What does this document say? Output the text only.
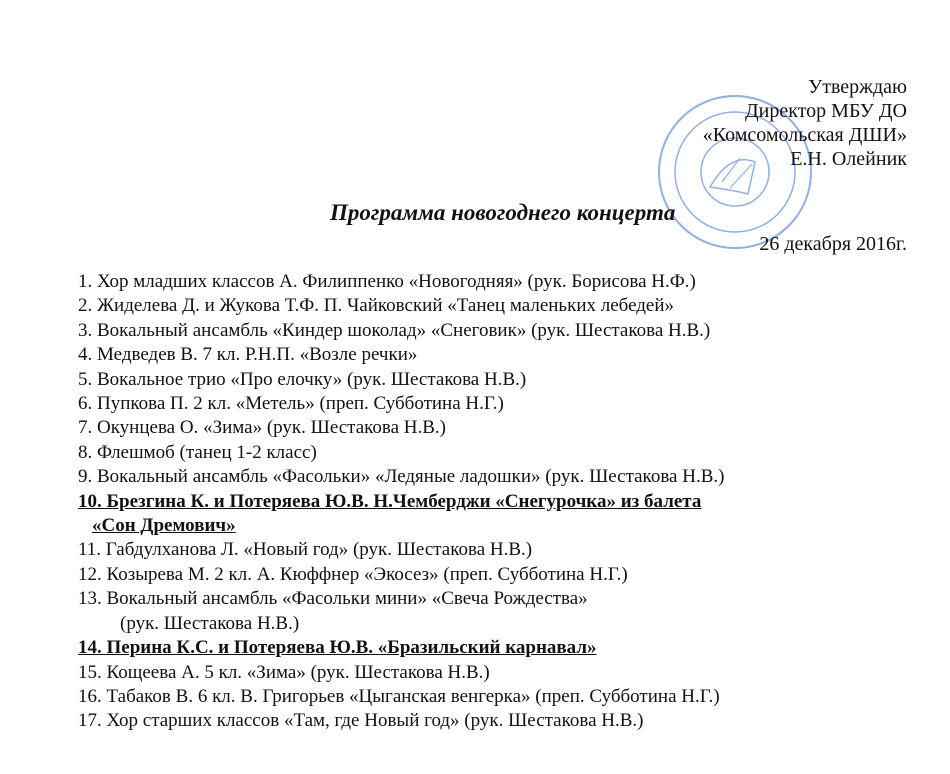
Утверждаю
Директор МБУ ДО
«Комсомольская ДШИ»
Е.Н. Олейник
Программа новогоднего концерта
26 декабря 2016г.
1. Хор младших классов А. Филиппенко «Новогодняя» (рук. Борисова Н.Ф.)
2. Жиделева Д. и Жукова Т.Ф. П. Чайковский «Танец маленьких лебедей»
3. Вокальный ансамбль «Киндер шоколад» «Снеговик» (рук. Шестакова Н.В.)
4. Медведев В. 7 кл. Р.Н.П. «Возле речки»
5. Вокальное трио «Про елочку» (рук. Шестакова Н.В.)
6. Пупкова П. 2 кл. «Метель» (преп. Субботина Н.Г.)
7. Окунцева О. «Зима» (рук. Шестакова Н.В.)
8. Флешмоб (танец 1-2 класс)
9. Вокальный ансамбль «Фасольки» «Ледяные ладошки» (рук. Шестакова Н.В.)
10. Брезгина К. и Потеряева Ю.В. Н.Чемберджи «Снегурочка» из балета
«Сон Дремович»
11. Габдулханова Л. «Новый год» (рук. Шестакова Н.В.)
12. Козырева М. 2 кл. А. Кюффнер «Экосез» (преп. Субботина Н.Г.)
13. Вокальный ансамбль «Фасольки мини» «Свеча Рождества»
(рук. Шестакова Н.В.)
14. Перина К.С. и Потеряева Ю.В. «Бразильский карнавал»
15. Кощеева А. 5 кл. «Зима» (рук. Шестакова Н.В.)
16. Табаков В. 6 кл. В. Григорьев «Цыганская венгерка» (преп. Субботина Н.Г.)
17. Хор старших классов «Там, где Новый год» (рук. Шестакова Н.В.)
